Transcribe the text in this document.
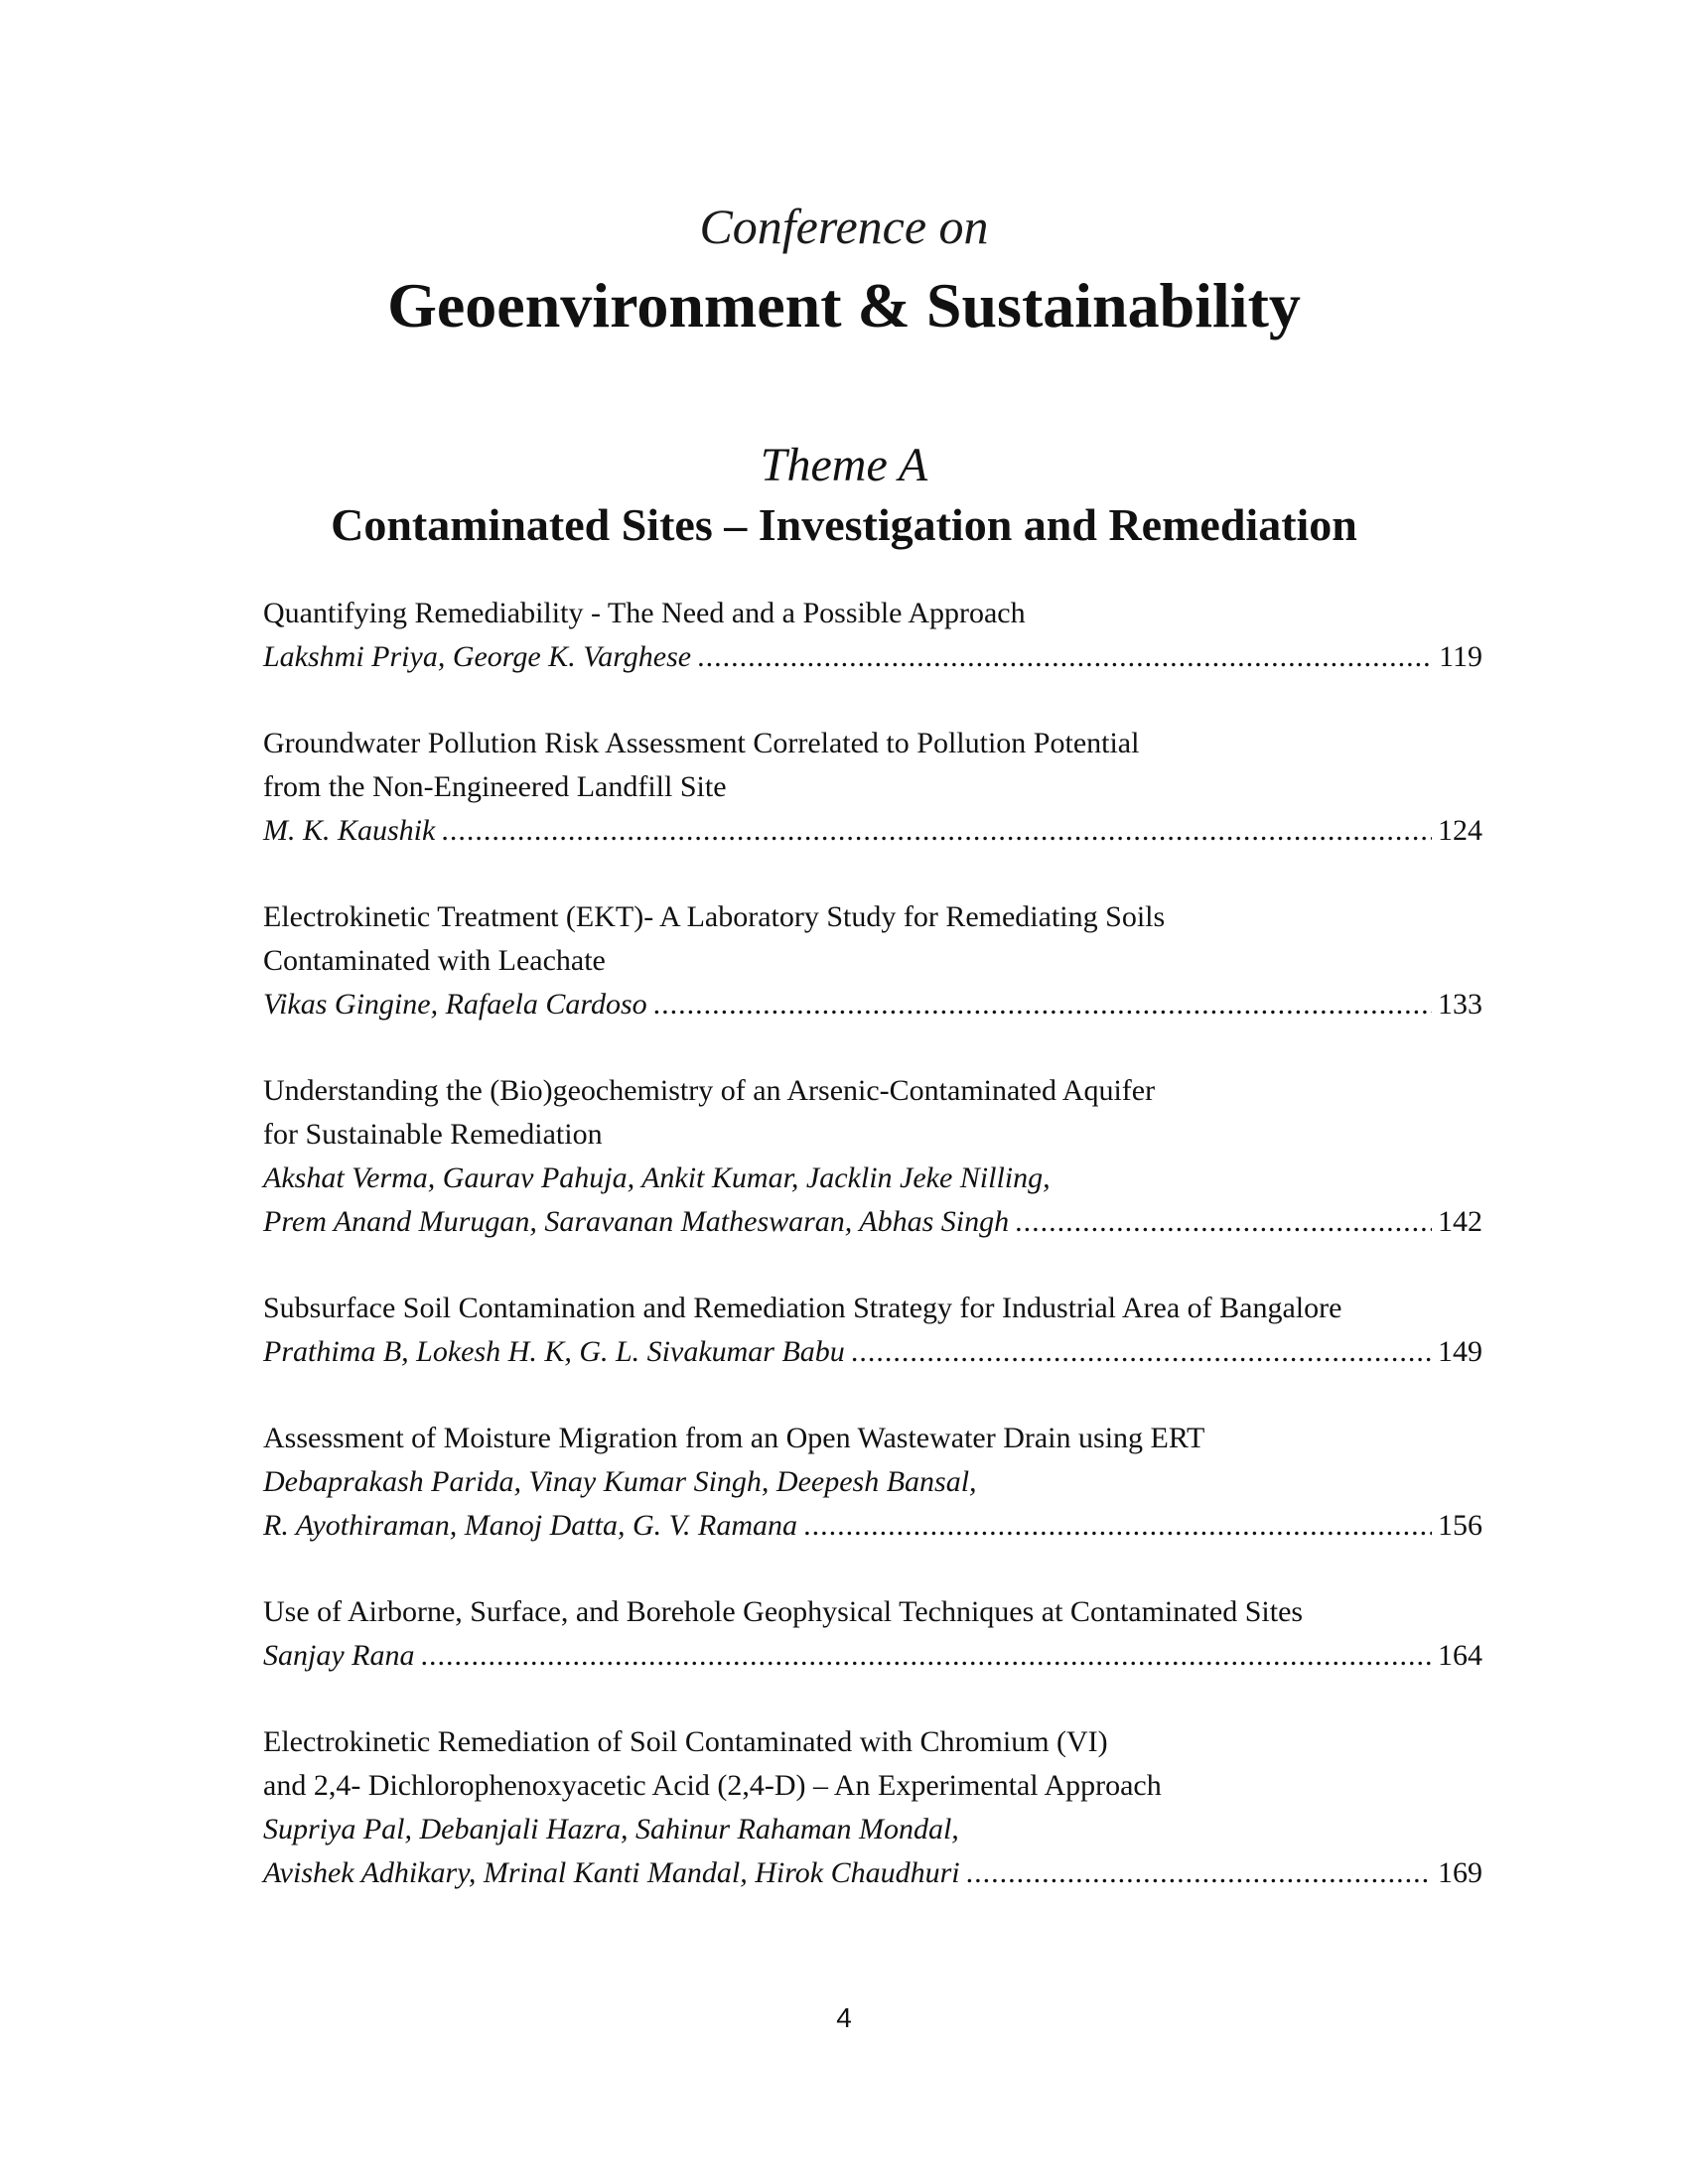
Conference on
Geoenvironment & Sustainability
Theme A
Contaminated Sites – Investigation and Remediation
Quantifying Remediability - The Need and a Possible Approach
Lakshmi Priya, George K. Varghese .....	119
Groundwater Pollution Risk Assessment Correlated to Pollution Potential
from the Non-Engineered Landfill Site
M. K. Kaushik .....	124
Electrokinetic Treatment (EKT)- A Laboratory Study for Remediating Soils
Contaminated with Leachate
Vikas Gingine, Rafaela Cardoso .....	133
Understanding the (Bio)geochemistry of an Arsenic-Contaminated Aquifer
for Sustainable Remediation
Akshat Verma, Gaurav Pahuja, Ankit Kumar, Jacklin Jeke Nilling,
Prem Anand Murugan, Saravanan Matheswaran, Abhas Singh .....	142
Subsurface Soil Contamination and Remediation Strategy for Industrial Area of Bangalore
Prathima B, Lokesh H. K, G. L. Sivakumar Babu .....	149
Assessment of Moisture Migration from an Open Wastewater Drain using ERT
Debaprakash Parida, Vinay Kumar Singh, Deepesh Bansal,
R. Ayothiraman, Manoj Datta, G. V. Ramana .....	156
Use of Airborne, Surface, and Borehole Geophysical Techniques at Contaminated Sites
Sanjay Rana .....	164
Electrokinetic Remediation of Soil Contaminated with Chromium (VI)
and 2,4- Dichlorophenoxyacetic Acid (2,4-D) – An Experimental Approach
Supriya Pal, Debanjali Hazra, Sahinur Rahaman Mondal,
Avishek Adhikary, Mrinal Kanti Mandal, Hirok Chaudhuri .....	169
4
